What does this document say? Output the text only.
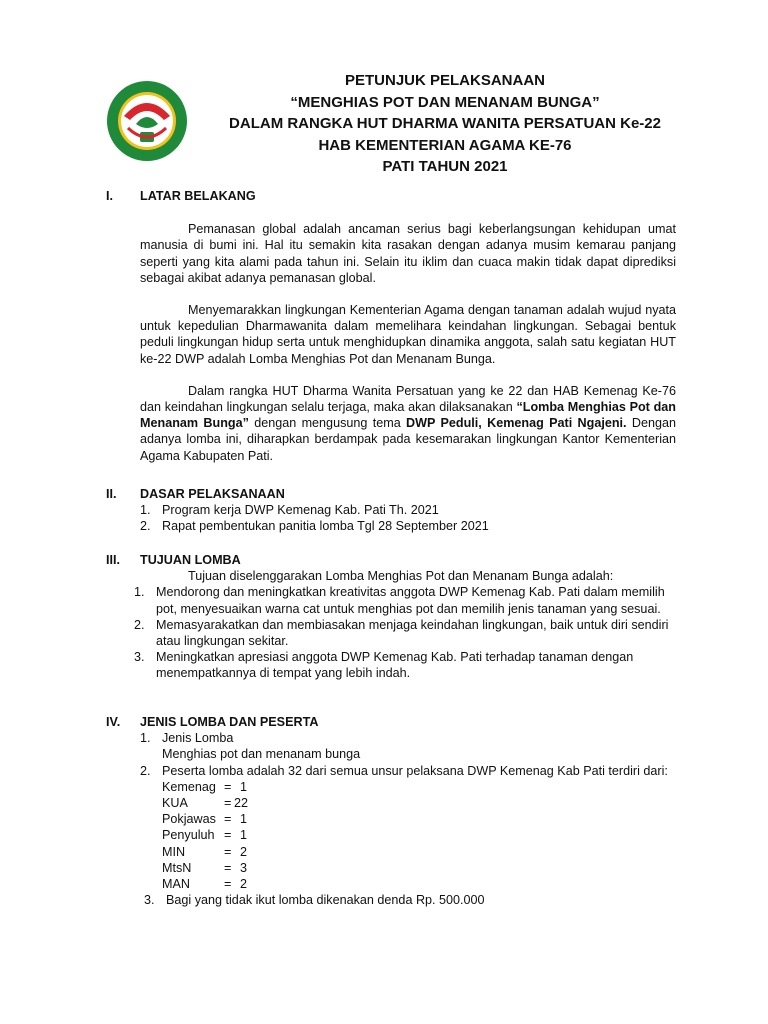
PETUNJUK PELAKSANAAN
“MENGHIAS POT DAN MENANAM BUNGA”
DALAM RANGKA HUT DHARMA WANITA PERSATUAN Ke-22
HAB KEMENTERIAN AGAMA KE-76
PATI TAHUN 2021
I.	LATAR BELAKANG

Pemanasan global adalah ancaman serius bagi keberlangsungan kehidupan umat manusia di bumi ini. Hal itu semakin kita rasakan dengan adanya musim kemarau panjang seperti yang kita alami pada tahun ini. Selain itu iklim dan cuaca makin tidak dapat diprediksi sebagai akibat adanya pemanasan global.

Menyemarakkan lingkungan Kementerian Agama dengan tanaman adalah wujud nyata untuk kepedulian Dharmawanita dalam memelihara keindahan lingkungan. Sebagai bentuk peduli lingkungan hidup serta untuk menghidupkan dinamika anggota, salah satu kegiatan HUT ke-22 DWP adalah Lomba Menghias Pot dan Menanam Bunga.

Dalam rangka HUT Dharma Wanita Persatuan yang ke 22 dan HAB Kemenag Ke-76 dan keindahan lingkungan selalu terjaga, maka akan dilaksanakan “Lomba Menghias Pot dan Menanam Bunga” dengan mengusung tema DWP Peduli, Kemenag Pati Ngajeni. Dengan adanya lomba ini, diharapkan berdampak pada kesemarakan lingkungan Kantor Kementerian Agama Kabupaten Pati.

II.	DASAR PELAKSANAAN
1. Program kerja DWP Kemenag Kab. Pati Th. 2021
2. Rapat pembentukan panitia lomba Tgl 28 September 2021
III.	TUJUAN LOMBA
Tujuan diselenggarakan Lomba Menghias Pot dan Menanam Bunga adalah:
1. Mendorong dan meningkatkan kreativitas anggota DWP Kemenag Kab. Pati dalam memilih pot, menyesuaikan warna cat untuk menghias pot dan memilih jenis tanaman yang sesuai.
2. Memasyarakatkan dan membiasakan menjaga keindahan lingkungan, baik untuk diri sendiri atau lingkungan sekitar.
3. Meningkatkan apresiasi anggota DWP Kemenag Kab. Pati terhadap tanaman dengan menempatkannya di tempat yang lebih indah.
IV.	JENIS LOMBA DAN PESERTA
1. Jenis Lomba
Menghias pot dan menanam bunga
2. Peserta lomba adalah 32 dari semua unsur pelaksana DWP Kemenag Kab Pati terdiri dari:
Kemenag = 1
KUA	= 22
Pokjawas = 1
Penyuluh = 1
MIN	= 2
MtsN	= 3
MAN	= 2
3. Bagi yang tidak ikut lomba dikenakan denda Rp. 500.000
